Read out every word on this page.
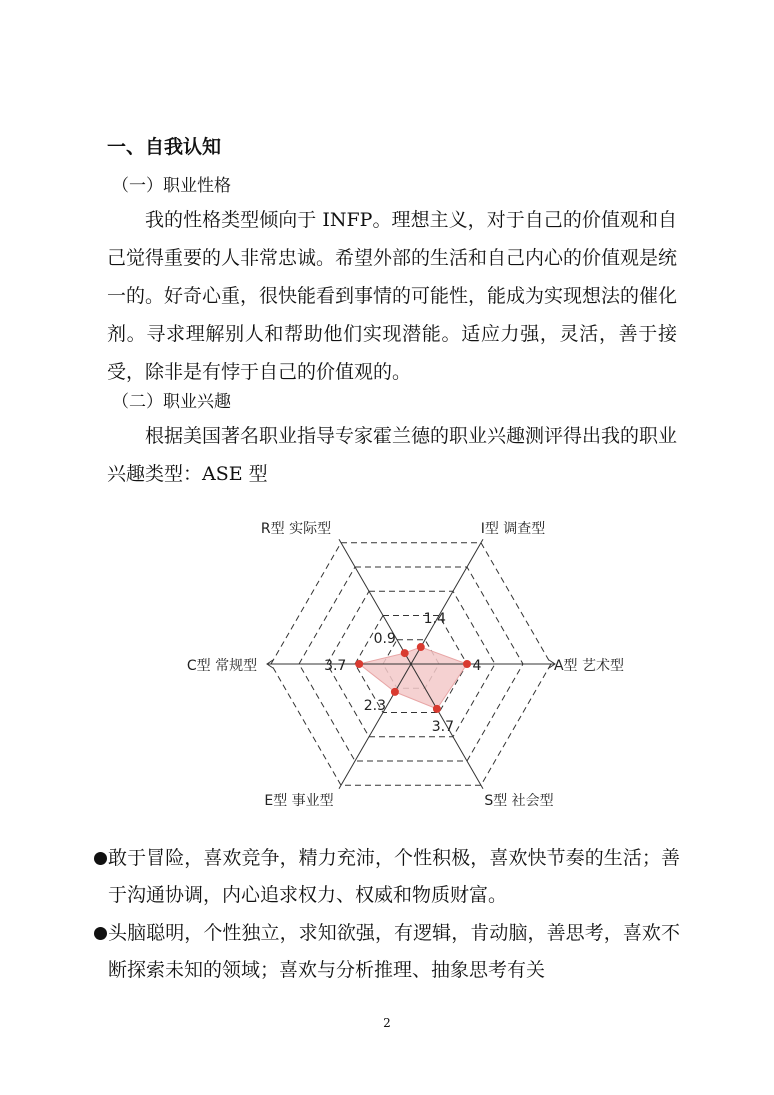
一、自我认知
（一）职业性格

我的性格类型倾向于 INFP。理想主义，对于自己的价值观和自己觉得重要的人非常忠诚。希望外部的生活和自己内心的价值观是统一的。好奇心重，很快能看到事情的可能性，能成为实现想法的催化剂。寻求理解别人和帮助他们实现潜能。适应力强，灵活，善于接受，除非是有悖于自己的价值观的。

（二）职业兴趣

根据美国著名职业指导专家霍兰德的职业兴趣测评得出我的职业兴趣类型：ASE 型

0.9
1.4
4
3.7
2.3
3.7
R型 实际型	I型 调查型
A型 艺术型
S型 社会型
E型 事业型
C型 常规型
敢于冒险，喜欢竞争，精力充沛，个性积极，喜欢快节奏的生活；善于沟通协调，内心追求权力、权威和物质财富。
头脑聪明，个性独立，求知欲强，有逻辑，肯动脑，善思考，喜欢不断探索未知的领域；喜欢与分析推理、抽象思考有关
2
